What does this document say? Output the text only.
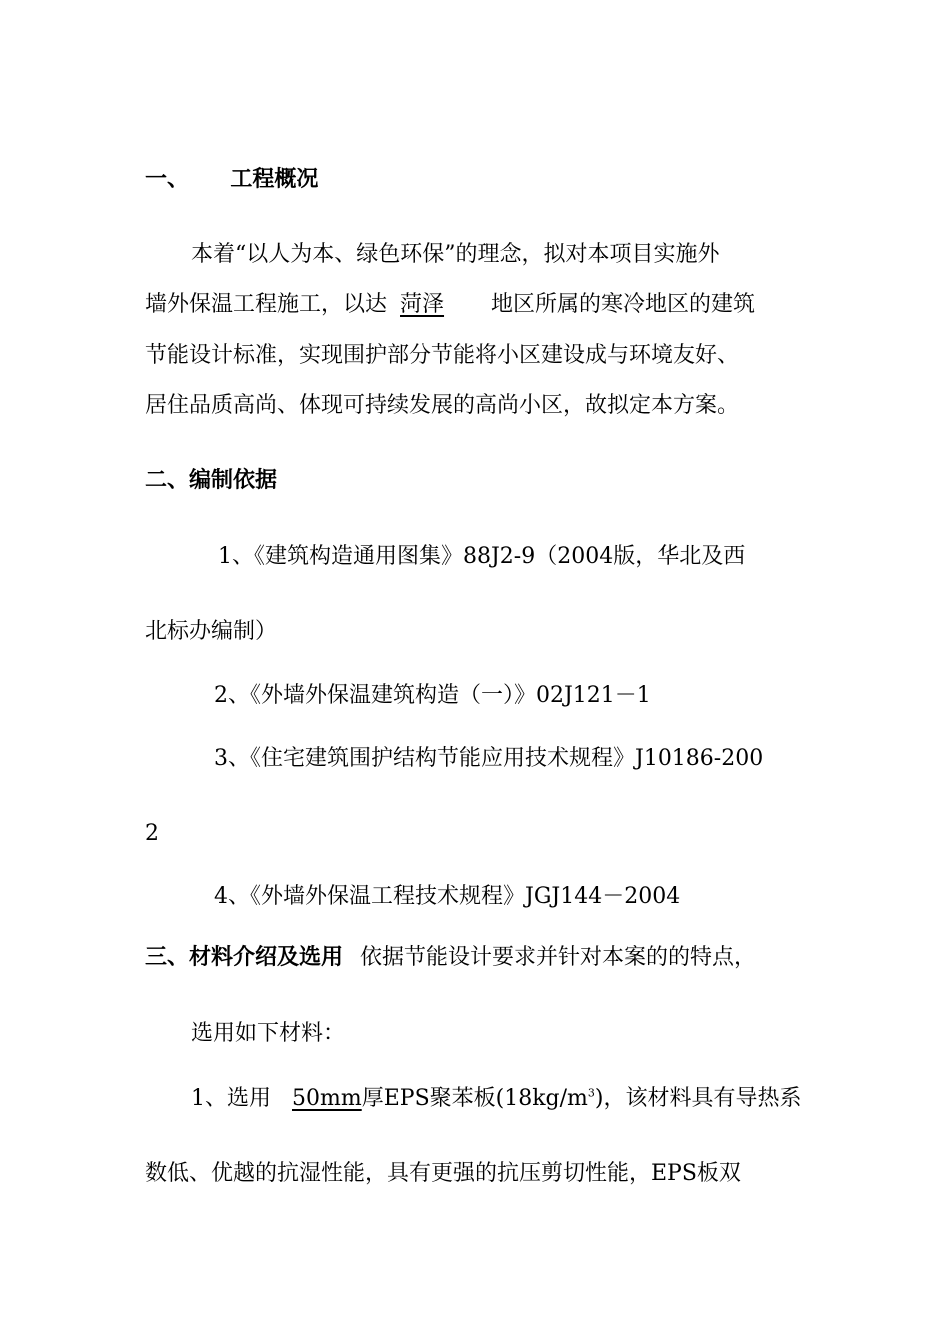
一、 工程概况
本着“以人为本、绿色环保”的理念，拟对本项目实施外
墙外保温工程施工，以达 菏泽 地区所属的寒冷地区的建筑
节能设计标准，实现围护部分节能将小区建设成与环境友好、
居住品质高尚、体现可持续发展的高尚小区，故拟定本方案。
二、编制依据
1、《建筑构造通用图集》88J2-9（2004版，华北及西
北标办编制）
2、《外墙外保温建筑构造（一）》02J121－1
3、《住宅建筑围护结构节能应用技术规程》J10186-200
2
4、《外墙外保温工程技术规程》JGJ144－2004
三、材料介绍及选用 依据节能设计要求并针对本案的的特点，
选用如下材料：
1、选用 50mm厚EPS聚苯板$(18kg/m^3)$，该材料具有导热系
数低、优越的抗湿性能，具有更强的抗压剪切性能，EPS板双
